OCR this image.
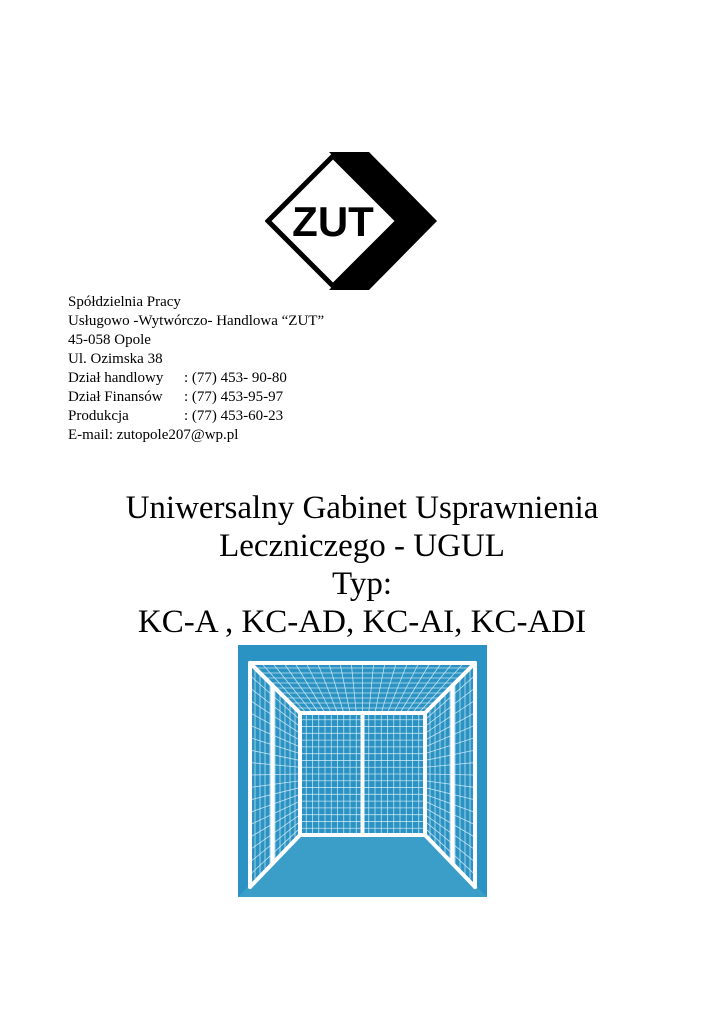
ZUT
Spółdzielnia Pracy
Usługowo -Wytwórczo- Handlowa “ZUT”
45-058 Opole
Ul. Ozimska 38
Dział handlowy : (77) 453- 90-80
Dział Finansów : (77) 453-95-97
Produkcja	: (77) 453-60-23
E-mail: zutopole207@wp.pl
Uniwersalny Gabinet Usprawnienia
Leczniczego - UGUL
Typ:
KC-A , KC-AD, KC-AI, KC-ADI
